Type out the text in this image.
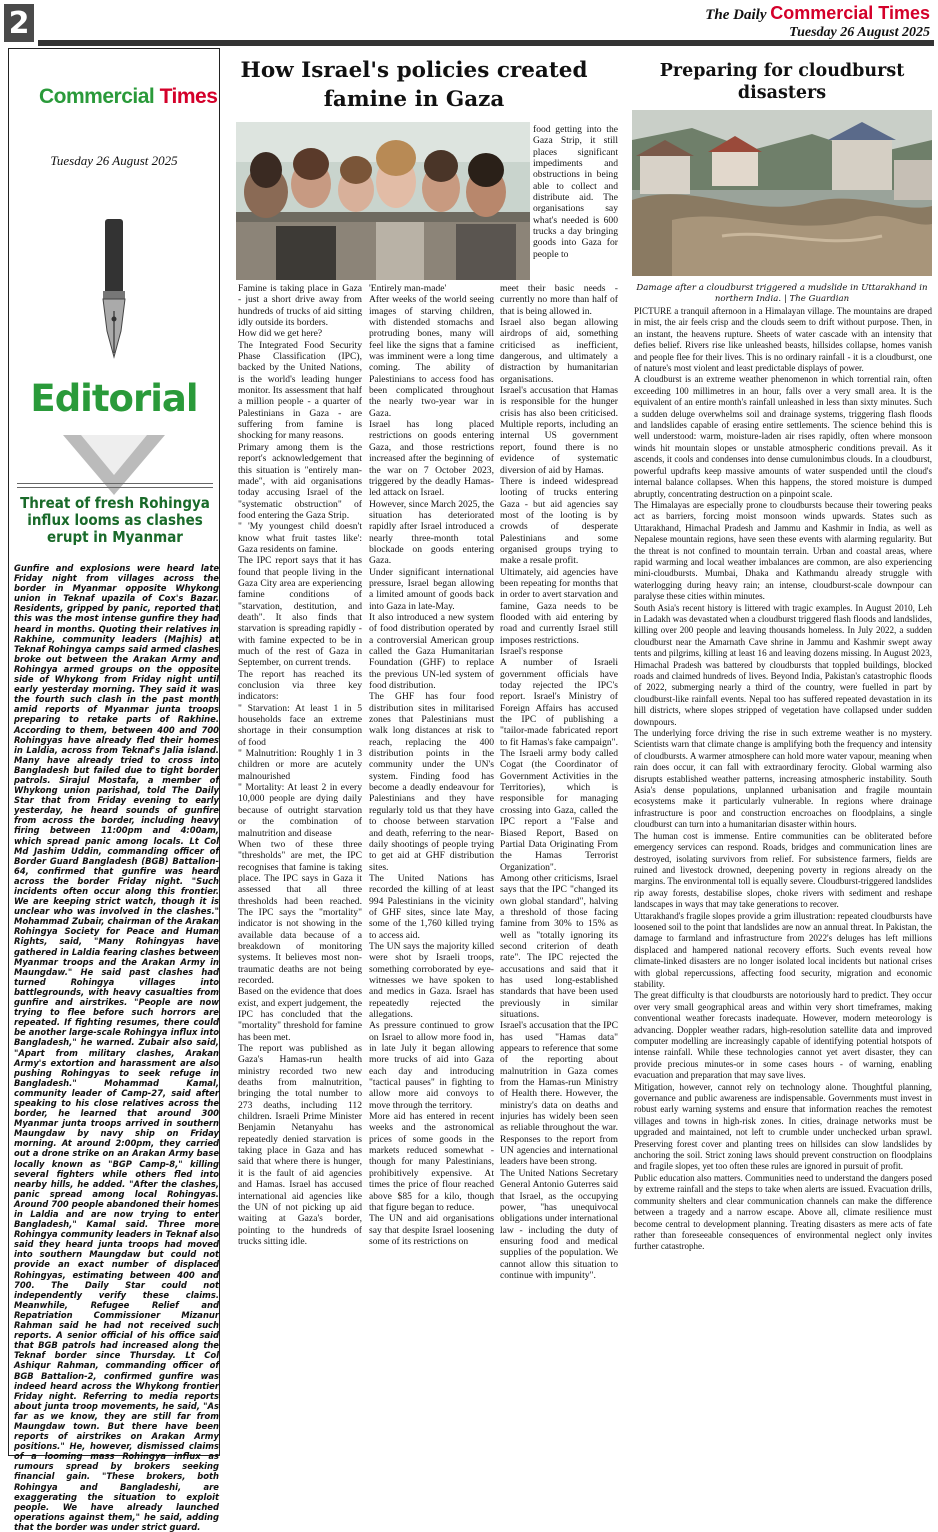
2	The Daily Commercial Times
Tuesday 26 August 2025
Commercial Times
Tuesday 26 August 2025
Editorial
Threat of fresh Rohingya influx looms as clashes erupt in Myanmar
Gunfire and explosions were heard late Friday night from villages across the border in Myanmar opposite Whykong union in Teknaf upazila of Cox's Bazar. Residents, gripped by panic, reported that this was the most intense gunfire they had heard in months. Quoting their relatives in Rakhine, community leaders (Majhis) at Teknaf Rohingya camps said armed clashes broke out between the Arakan Army and Rohingya armed groups on the opposite side of Whykong from Friday night until early yesterday morning. They said it was the fourth such clash in the past month amid reports of Myanmar junta troops preparing to retake parts of Rakhine. According to them, between 400 and 700 Rohingyas have already fled their homes in Laldia, across from Teknaf's Jalia island. Many have already tried to cross into Bangladesh but failed due to tight border patrols. Sirajul Mostafa, a member of Whykong union parishad, told The Daily Star that from Friday evening to early yesterday, he heard sounds of gunfire from across the border, including heavy firing between 11:00pm and 4:00am, which spread panic among locals. Lt Col Md Jashim Uddin, commanding officer of Border Guard Bangladesh (BGB) Battalion-64, confirmed that gunfire was heard across the border Friday night. "Such incidents often occur along this frontier. We are keeping strict watch, though it is unclear who was involved in the clashes." Mohammad Zubair, chairman of the Arakan Rohingya Society for Peace and Human Rights, said, "Many Rohingyas have gathered in Laldia fearing clashes between Myanmar troops and the Arakan Army in Maungdaw." He said past clashes had turned Rohingya villages into battlegrounds, with heavy casualties from gunfire and airstrikes. "People are now trying to flee before such horrors are repeated. If fighting resumes, there could be another large-scale Rohingya influx into Bangladesh," he warned. Zubair also said, "Apart from military clashes, Arakan Army's extortion and harassment are also pushing Rohingyas to seek refuge in Bangladesh." Mohammad Kamal, community leader of Camp-27, said after speaking to his close relatives across the border, he learned that around 300 Myanmar junta troops arrived in southern Maungdaw by navy ship on Friday morning. At around 2:00pm, they carried out a drone strike on an Arakan Army base locally known as "BGP Camp-8," killing several fighters while others fled into nearby hills, he added. "After the clashes, panic spread among local Rohingyas. Around 700 people abandoned their homes in Laldia and are now trying to enter Bangladesh," Kamal said. Three more Rohingya community leaders in Teknaf also said they heard junta troops had moved into southern Maungdaw but could not provide an exact number of displaced Rohingyas, estimating between 400 and 700. The Daily Star could not independently verify these claims. Meanwhile, Refugee Relief and Repatriation Commissioner Mizanur Rahman said he had not received such reports. A senior official of his office said that BGB patrols had increased along the Teknaf border since Thursday. Lt Col Ashiqur Rahman, commanding officer of BGB Battalion-2, confirmed gunfire was indeed heard across the Whykong frontier Friday night. Referring to media reports about junta troop movements, he said, "As far as we know, they are still far from Maungdaw town. But there have been reports of airstrikes on Arakan Army positions." He, however, dismissed claims of a looming mass Rohingya influx as rumours spread by brokers seeking financial gain. "These brokers, both Rohingya and Bangladeshi, are exaggerating the situation to exploit people. We have already launched operations against them," he said, adding that the border was under strict guard.
How Israel's policies created famine in Gaza
food getting into the Gaza Strip, it still places significant impediments and obstructions in being able to collect and distribute aid. The organisations say what's needed is 600 trucks a day bringing goods into Gaza for people to

Famine is taking place in Gaza - just a short drive away from hundreds of trucks of aid sitting idly outside its borders.

How did we get here?

The Integrated Food Security Phase Classification (IPC), backed by the United Nations, is the world's leading hunger monitor. Its assessment that half a million people - a quarter of Palestinians in Gaza - are suffering from famine is shocking for many reasons.

Primary among them is the report's acknowledgement that this situation is "entirely man-made", with aid organisations today accusing Israel of the "systematic obstruction" of food entering the Gaza Strip.

" 'My youngest child doesn't know what fruit tastes like': Gaza residents on famine.

The IPC report says that it has found that people living in the Gaza City area are experiencing famine conditions of "starvation, destitution, and death". It also finds that starvation is spreading rapidly - with famine expected to be in much of the rest of Gaza in September, on current trends.

The report has reached its conclusion via three key indicators:

" Starvation: At least 1 in 5 households face an extreme shortage in their consumption of food

" Malnutrition: Roughly 1 in 3 children or more are acutely malnourished

" Mortality: At least 2 in every 10,000 people are dying daily because of outright starvation or the combination of malnutrition and disease

When two of these three "thresholds" are met, the IPC recognises that famine is taking place. The IPC says in Gaza it assessed that all three thresholds had been reached. The IPC says the "mortality" indicator is not showing in the available data because of a breakdown of monitoring systems. It believes most non-traumatic deaths are not being recorded.

Based on the evidence that does exist, and expert judgement, the IPC has concluded that the "mortality" threshold for famine has been met.

The report was published as Gaza's Hamas-run health ministry recorded two new deaths from malnutrition, bringing the total number to 273 deaths, including 112 children. Israeli Prime Minister Benjamin Netanyahu has repeatedly denied starvation is taking place in Gaza and has said that where there is hunger, it is the fault of aid agencies and Hamas. Israel has accused international aid agencies like the UN of not picking up aid waiting at Gaza's border, pointing to the hundreds of trucks sitting idle.

'Entirely man-made'

After weeks of the world seeing images of starving children, with distended stomachs and protruding bones, many will feel like the signs that a famine was imminent were a long time coming. The ability of Palestinians to access food has been complicated throughout the nearly two-year war in Gaza.

Israel has long placed restrictions on goods entering Gaza, and those restrictions increased after the beginning of the war on 7 October 2023, triggered by the deadly Hamas-led attack on Israel.

However, since March 2025, the situation has deteriorated rapidly after Israel introduced a nearly three-month total blockade on goods entering Gaza.

Under significant international pressure, Israel began allowing a limited amount of goods back into Gaza in late-May.

It also introduced a new system of food distribution operated by a controversial American group called the Gaza Humanitarian Foundation (GHF) to replace the previous UN-led system of food distribution.

The GHF has four food distribution sites in militarised zones that Palestinians must walk long distances at risk to reach, replacing the 400 distribution points in the community under the UN's system. Finding food has become a deadly endeavour for Palestinians and they have regularly told us that they have to choose between starvation and death, referring to the near-daily shootings of people trying to get aid at GHF distribution sites.

The United Nations has recorded the killing of at least 994 Palestinians in the vicinity of GHF sites, since late May, some of the 1,760 killed trying to access aid.

The UN says the majority killed were shot by Israeli troops, something corroborated by eye-witnesses we have spoken to and medics in Gaza. Israel has repeatedly rejected the allegations.

As pressure continued to grow on Israel to allow more food in, in late July it began allowing more trucks of aid into Gaza each day and introducing "tactical pauses" in fighting to allow more aid convoys to move through the territory.

More aid has entered in recent weeks and the astronomical prices of some goods in the markets reduced somewhat - though for many Palestinians, prohibitively expensive. At times the price of flour reached above $85 for a kilo, though that figure began to reduce.

The UN and aid organisations say that despite Israel loosening some of its restrictions on

meet their basic needs - currently no more than half of that is being allowed in.

Israel also began allowing airdrops of aid, something criticised as inefficient, dangerous, and ultimately a distraction by humanitarian organisations.

Israel's accusation that Hamas is responsible for the hunger crisis has also been criticised. Multiple reports, including an internal US government report, found there is no evidence of systematic diversion of aid by Hamas.

There is indeed widespread looting of trucks entering Gaza - but aid agencies say most of the looting is by crowds of desperate Palestinians and some organised groups trying to make a resale profit.

Ultimately, aid agencies have been repeating for months that in order to avert starvation and famine, Gaza needs to be flooded with aid entering by road and currently Israel still imposes restrictions.

Israel's response

A number of Israeli government officials have today rejected the IPC's report. Israel's Ministry of Foreign Affairs has accused the IPC of publishing a "tailor-made fabricated report to fit Hamas's fake campaign". The Israeli army body called Cogat (the Coordinator of Government Activities in the Territories), which is responsible for managing crossing into Gaza, called the IPC report a "False and Biased Report, Based on Partial Data Originating From the Hamas Terrorist Organization".

Among other criticisms, Israel says that the IPC "changed its own global standard", halving a threshold of those facing famine from 30% to 15% as well as "totally ignoring its second criterion of death rate". The IPC rejected the accusations and said that it has used long-established standards that have been used previously in similar situations.

Israel's accusation that the IPC has used "Hamas data" appears to reference that some of the reporting about malnutrition in Gaza comes from the Hamas-run Ministry of Health there. However, the ministry's data on deaths and injuries has widely been seen as reliable throughout the war. Responses to the report from UN agencies and international leaders have been strong.

The United Nations Secretary General Antonio Guterres said that Israel, as the occupying power, "has unequivocal obligations under international law - including the duty of ensuring food and medical supplies of the population. We cannot allow this situation to continue with impunity".

Preparing for cloudburst disasters
Damage after a cloudburst triggered a mudslide in Uttarakhand in northern India. | The Guardian

PICTURE a tranquil afternoon in a Himalayan village. The mountains are draped in mist, the air feels crisp and the clouds seem to drift without purpose. Then, in an instant, the heavens rupture. Sheets of water cascade with an intensity that defies belief. Rivers rise like unleashed beasts, hillsides collapse, homes vanish and people flee for their lives. This is no ordinary rainfall - it is a cloudburst, one of nature's most violent and least predictable displays of power.

A cloudburst is an extreme weather phenomenon in which torrential rain, often exceeding 100 millimetres in an hour, falls over a very small area. It is the equivalent of an entire month's rainfall unleashed in less than sixty minutes. Such a sudden deluge overwhelms soil and drainage systems, triggering flash floods and landslides capable of erasing entire settlements. The science behind this is well understood: warm, moisture-laden air rises rapidly, often where monsoon winds hit mountain slopes or unstable atmospheric conditions prevail. As it ascends, it cools and condenses into dense cumulonimbus clouds. In a cloudburst, powerful updrafts keep massive amounts of water suspended until the cloud's internal balance collapses. When this happens, the stored moisture is dumped abruptly, concentrating destruction on a pinpoint scale.

The Himalayas are especially prone to cloudbursts because their towering peaks act as barriers, forcing moist monsoon winds upwards. States such as Uttarakhand, Himachal Pradesh and Jammu and Kashmir in India, as well as Nepalese mountain regions, have seen these events with alarming regularity. But the threat is not confined to mountain terrain. Urban and coastal areas, where rapid warming and local weather imbalances are common, are also experiencing mini-cloudbursts. Mumbai, Dhaka and Kathmandu already struggle with waterlogging during heavy rain; an intense, cloudburst-scale downpour can paralyse these cities within minutes.

South Asia's recent history is littered with tragic examples. In August 2010, Leh in Ladakh was devastated when a cloudburst triggered flash floods and landslides, killing over 200 people and leaving thousands homeless. In July 2022, a sudden cloudburst near the Amarnath Cave shrine in Jammu and Kashmir swept away tents and pilgrims, killing at least 16 and leaving dozens missing. In August 2023, Himachal Pradesh was battered by cloudbursts that toppled buildings, blocked roads and claimed hundreds of lives. Beyond India, Pakistan's catastrophic floods of 2022, submerging nearly a third of the country, were fuelled in part by cloudburst-like rainfall events. Nepal too has suffered repeated devastation in its hill districts, where slopes stripped of vegetation have collapsed under sudden downpours.

The underlying force driving the rise in such extreme weather is no mystery. Scientists warn that climate change is amplifying both the frequency and intensity of cloudbursts. A warmer atmosphere can hold more water vapour, meaning when rain does occur, it can fall with extraordinary ferocity. Global warming also disrupts established weather patterns, increasing atmospheric instability. South Asia's dense populations, unplanned urbanisation and fragile mountain ecosystems make it particularly vulnerable. In regions where drainage infrastructure is poor and construction encroaches on floodplains, a single cloudburst can turn into a humanitarian disaster within hours.

The human cost is immense. Entire communities can be obliterated before emergency services can respond. Roads, bridges and communication lines are destroyed, isolating survivors from relief. For subsistence farmers, fields are ruined and livestock drowned, deepening poverty in regions already on the margins. The environmental toll is equally severe. Cloudburst-triggered landslides rip away forests, destabilise slopes, choke rivers with sediment and reshape landscapes in ways that may take generations to recover.

Uttarakhand's fragile slopes provide a grim illustration: repeated cloudbursts have loosened soil to the point that landslides are now an annual threat. In Pakistan, the damage to farmland and infrastructure from 2022's deluges has left millions displaced and hampered national recovery efforts. Such events reveal how climate-linked disasters are no longer isolated local incidents but national crises with global repercussions, affecting food security, migration and economic stability.

The great difficulty is that cloudbursts are notoriously hard to predict. They occur over very small geographical areas and within very short timeframes, making conventional weather forecasts inadequate. However, modern meteorology is advancing. Doppler weather radars, high-resolution satellite data and improved computer modelling are increasingly capable of identifying potential hotspots of intense rainfall. While these technologies cannot yet avert disaster, they can provide precious minutes-or in some cases hours - of warning, enabling evacuation and preparation that may save lives.

Mitigation, however, cannot rely on technology alone. Thoughtful planning, governance and public awareness are indispensable. Governments must invest in robust early warning systems and ensure that information reaches the remotest villages and towns in high-risk zones. In cities, drainage networks must be upgraded and maintained, not left to crumble under unchecked urban sprawl. Preserving forest cover and planting trees on hillsides can slow landslides by anchoring the soil. Strict zoning laws should prevent construction on floodplains and fragile slopes, yet too often these rules are ignored in pursuit of profit.

Public education also matters. Communities need to understand the dangers posed by extreme rainfall and the steps to take when alerts are issued. Evacuation drills, community shelters and clear communication channels can make the difference between a tragedy and a narrow escape. Above all, climate resilience must become central to development planning. Treating disasters as mere acts of fate rather than foreseeable consequences of environmental neglect only invites further catastrophe.
